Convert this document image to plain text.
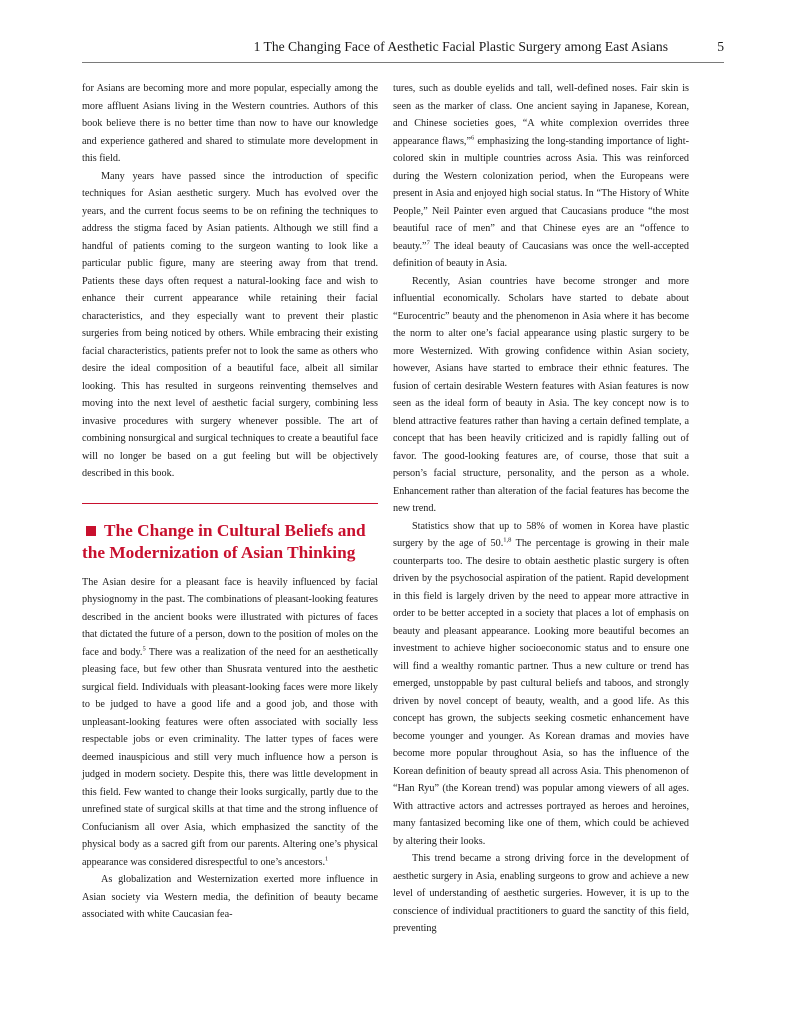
1 The Changing Face of Aesthetic Facial Plastic Surgery among East Asians	5

for Asians are becoming more and more popular, especially among the more affluent Asians living in the Western countries. Authors of this book believe there is no better time than now to have our knowledge and experience gathered and shared to stimulate more development in this field.

Many years have passed since the introduction of specific techniques for Asian aesthetic surgery. Much has evolved over the years, and the current focus seems to be on refining the techniques to address the stigma faced by Asian patients. Although we still find a handful of patients coming to the surgeon wanting to look like a particular public figure, many are steering away from that trend. Patients these days often request a natural-looking face and wish to enhance their current appearance while retaining their facial characteristics, and they especially want to prevent their plastic surgeries from being noticed by others. While embracing their existing facial characteristics, patients prefer not to look the same as others who desire the ideal composition of a beautiful face, albeit all similar looking. This has resulted in surgeons reinventing themselves and moving into the next level of aesthetic facial surgery, combining less invasive procedures with surgery whenever possible. The art of combining nonsurgical and surgical techniques to create a beautiful face will no longer be based on a gut feeling but will be objectively described in this book.

The Change in Cultural Beliefs and the Modernization of Asian Thinking

The Asian desire for a pleasant face is heavily influenced by facial physiognomy in the past. The combinations of pleasant-looking features described in the ancient books were illustrated with pictures of faces that dictated the future of a person, down to the position of moles on the face and body.$^5$ There was a realization of the need for an aesthetically pleasing face, but few other than Shusrata ventured into the aesthetic surgical field. Individuals with pleasant-looking faces were more likely to be judged to have a good life and a good job, and those with unpleasant-looking features were often associated with socially less respectable jobs or even criminality. The latter types of faces were deemed inauspicious and still very much influence how a person is judged in modern society. Despite this, there was little development in this field. Few wanted to change their looks surgically, partly due to the unrefined state of surgical skills at that time and the strong influence of Confucianism all over Asia, which emphasized the sanctity of the physical body as a sacred gift from our parents. Altering one’s physical appearance was considered disrespectful to one’s ancestors.$^1$

As globalization and Westernization exerted more influence in Asian society via Western media, the definition of beauty became associated with white Caucasian fea-

tures, such as double eyelids and tall, well-defined noses. Fair skin is seen as the marker of class. One ancient saying in Japanese, Korean, and Chinese societies goes, “A white complexion overrides three appearance flaws,”$^6$ emphasizing the long-standing importance of light-colored skin in multiple countries across Asia. This was reinforced during the Western colonization period, when the Europeans were present in Asia and enjoyed high social status. In “The History of White People,” Neil Painter even argued that Caucasians produce “the most beautiful race of men” and that Chinese eyes are an “offence to beauty.”$^7$ The ideal beauty of Caucasians was once the well-accepted definition of beauty in Asia.

Recently, Asian countries have become stronger and more influential economically. Scholars have started to debate about “Eurocentric” beauty and the phenomenon in Asia where it has become the norm to alter one’s facial appearance using plastic surgery to be more Westernized. With growing confidence within Asian society, however, Asians have started to embrace their ethnic features. The fusion of certain desirable Western features with Asian features is now seen as the ideal form of beauty in Asia. The key concept now is to blend attractive features rather than having a certain defined template, a concept that has been heavily criticized and is rapidly falling out of favor. The good-looking features are, of course, those that suit a person’s facial structure, personality, and the person as a whole. Enhancement rather than alteration of the facial features has become the new trend.

Statistics show that up to 58% of women in Korea have plastic surgery by the age of 50.$^{1,8}$ The percentage is growing in their male counterparts too. The desire to obtain aesthetic plastic surgery is often driven by the psychosocial aspiration of the patient. Rapid development in this field is largely driven by the need to appear more attractive in order to be better accepted in a society that places a lot of emphasis on beauty and pleasant appearance. Looking more beautiful becomes an investment to achieve higher socioeconomic status and to ensure one will find a wealthy romantic partner. Thus a new culture or trend has emerged, unstoppable by past cultural beliefs and taboos, and strongly driven by novel concept of beauty, wealth, and a good life. As this concept has grown, the subjects seeking cosmetic enhancement have become younger and younger. As Korean dramas and movies have become more popular throughout Asia, so has the influence of the Korean definition of beauty spread all across Asia. This phenomenon of “Han Ryu” (the Korean trend) was popular among viewers of all ages. With attractive actors and actresses portrayed as heroes and heroines, many fantasized becoming like one of them, which could be achieved by altering their looks.

This trend became a strong driving force in the development of aesthetic surgery in Asia, enabling surgeons to grow and achieve a new level of understanding of aesthetic surgeries. However, it is up to the conscience of individual practitioners to guard the sanctity of this field, preventing
